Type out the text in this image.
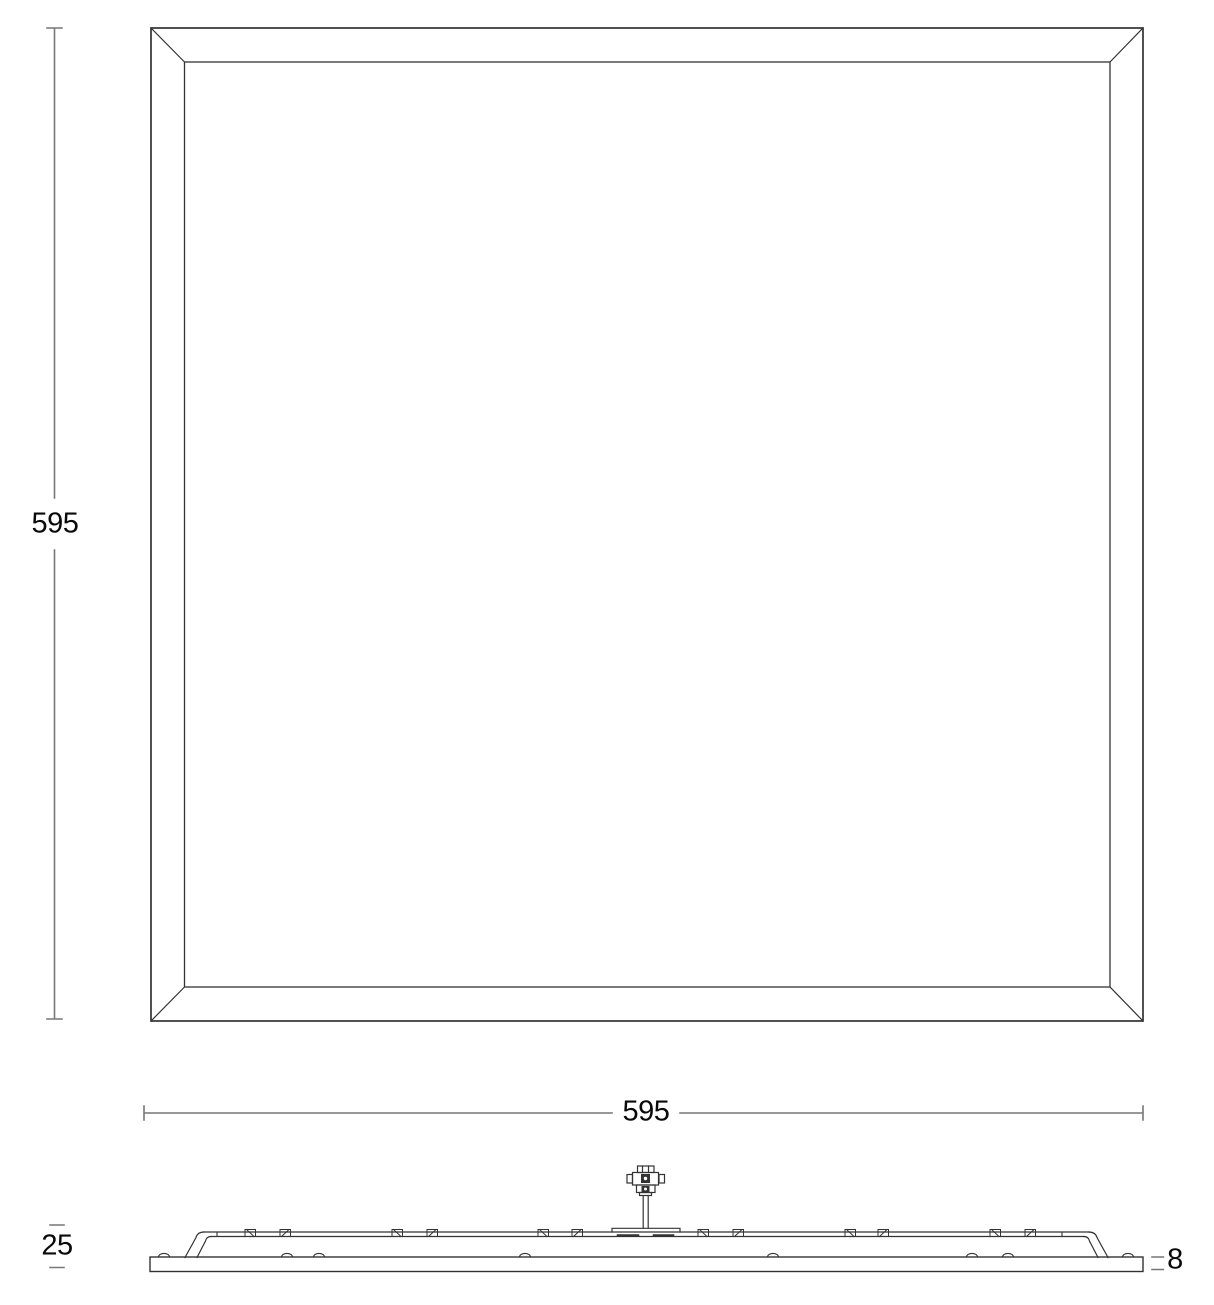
595
595
25	8
